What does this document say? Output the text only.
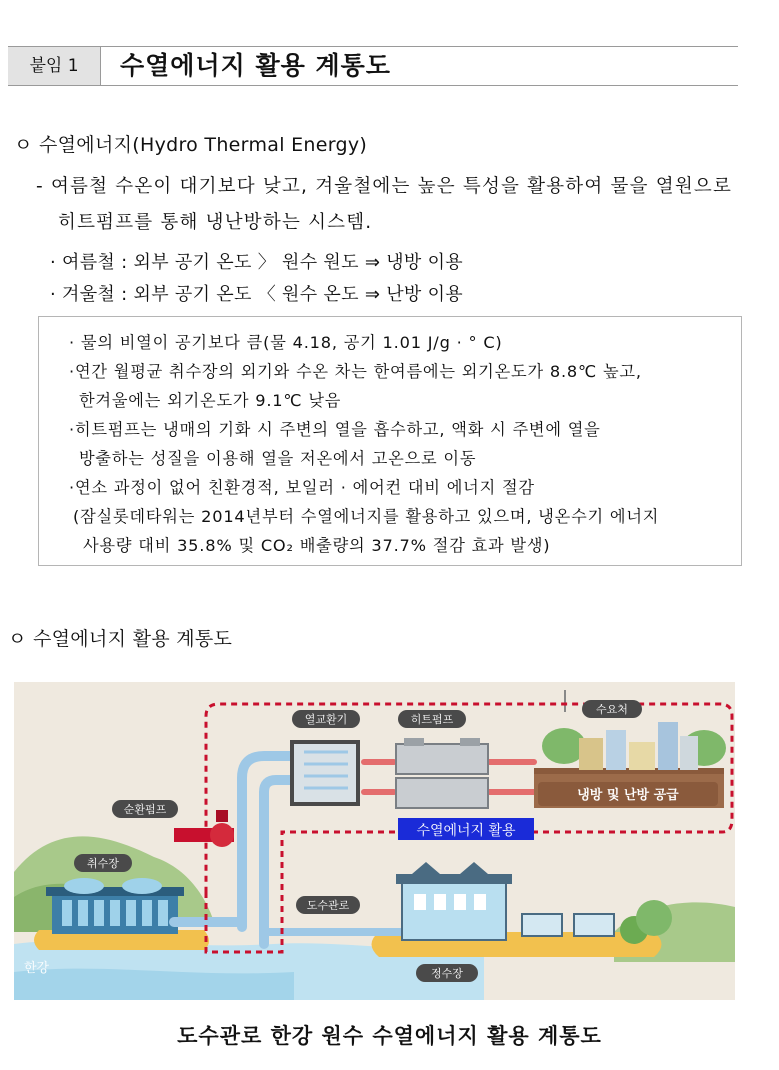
붙임 1	수열에너지 활용 계통도
ㅇ 수열에너지(Hydro Thermal Energy)
- 여름철 수온이 대기보다 낮고, 겨울철에는 높은 특성을 활용하여 물을 열원으로
히트펌프를 통해 냉난방하는 시스템.
· 여름철 : 외부 공기 온도 〉 원수 원도 ⇒ 냉방 이용
· 겨울철 : 외부 공기 온도 〈 원수 온도 ⇒ 난방 이용
· 물의 비열이 공기보다 큼(물 4.18, 공기 1.01 J/g · ° C)
·연간 월평균 취수장의 외기와 수온 차는 한여름에는 외기온도가 8.8℃ 높고,
한겨울에는 외기온도가 9.1℃ 낮음
·히트펌프는 냉매의 기화 시 주변의 열을 흡수하고, 액화 시 주변에 열을
방출하는 성질을 이용해 열을 저온에서 고온으로 이동
·연소 과정이 없어 친환경적, 보일러 · 에어컨 대비 에너지 절감
(잠실롯데타워는 2014년부터 수열에너지를 활용하고 있으며, 냉온수기 에너지
사용량 대비 35.8% 및 CO₂ 배출량의 37.7% 절감 효과 발생)
ㅇ 수열에너지 활용 계통도
열교환기	히트펌프
수요처
냉방 및 난방 공급
순환펌프
수열에너지 활용
취수장
도수관로
한강	정수장
도수관로 한강 원수 수열에너지 활용 계통도
